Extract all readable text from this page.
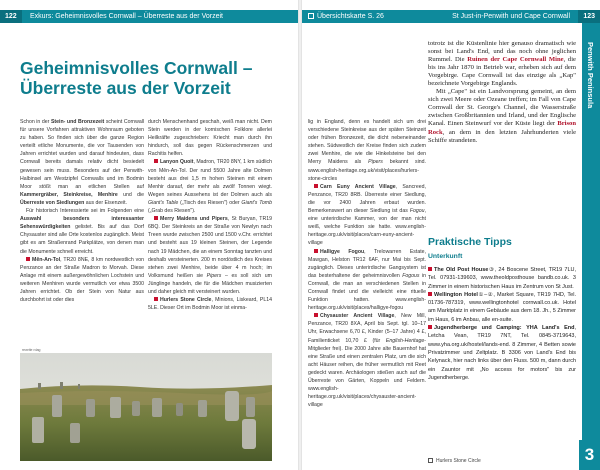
122	Exkurs: Geheimnisvolles Cornwall – Überreste aus der Vorzeit	Übersichtskarte S. 26	St Just-in-Penwith und Cape Cornwall	123
Geheimnisvolles Cornwall –
Überreste aus der Vorzeit

Schon in der Stein- und Bronzezeit scheint Cornwall für unsere Vorfahren attraktiven Wohnraum geboten zu haben. So finden sich über die ganze Region verteilt etliche Monumente, die vor Tausenden von Jahren errichtet wurden und darauf hindeuten, dass Cornwall bereits damals relativ dicht besiedelt gewesen sein muss. Besonders auf der Penwith-Halbinsel am Westzipfel Cornwalls und im Bodmin Moor stößt man an etlichen Stellen auf Kammergräber, Steinkreise, Menhire und die Überreste von Siedlungen aus der Eisenzeit.

Für historisch Interessierte sei im Folgenden eine Auswahl besonders interessanter Sehenswürdigkeiten gelistet. Bis auf das Dorf Chysauster sind alle Orte kostenlos zugänglich. Meist gibt es am Straßenrand Parkplätze, von denen man die Monumente schnell erreicht.

Mên-An-Tol, TR20 8NE, 8 km nordwestlich von Penzance an der Straße Madron to Morvah. Diese Anlage mit einem außergewöhnlichen Lochstein und weiteren Menhiren wurde vermutlich vor etwa 3500 Jahren errichtet. Ob der Stein von Natur aus durchbohrt ist oder dies

durch Menschenhand geschah, weiß man nicht. Dem Stein werden in der kornischen Folklore allerlei Heilkräfte zugeschrieben: Kriecht man durch ihn hindurch, soll das gegen Rückenschmerzen und Rachitis helfen.

Lanyon Quoit, Madron, TR20 8NY, 1 km südlich von Mên-An-Tol. Der rund 5500 Jahre alte Dolmen besteht aus drei 1,5 m hohen Steinen mit einem Menhir darauf, der mehr als zwölf Tonnen wiegt. Wegen seines Aussehens ist der Dolmen auch als Giant's Table („Tisch des Riesen") oder Giant's Tomb („Grab des Riesen").

Merry Maidens und Pipers, St Buryan, TR19 6BQ. Der Steinkreis an der Straße von Newlyn nach Treen wurde zwischen 2500 und 1500 v.Chr. errichtet und besteht aus 19 kleinen Steinen, der Legende nach 19 Mädchen, die an einem Sonntag tanzten und deshalb versteinerten. 200 m nordöstlich des Kreises stehen zwei Menhire, beide über 4 m hoch; im Volksmund heißen sie Pipers – es soll sich um Jünglinge handeln, die für die Mädchen musizierten und daher gleich mit versteinert wurden.

Hurlers Stone Circle, Minions, Liskeard, PL14 5LE. Dieser Ort im Bodmin Moor ist einma-

rewrite rdag

lig in England, denn es handelt sich um drei verschiedene Steinkreise aus der späten Steinzeit oder frühen Bronzezeit, die dicht nebeneinander stehen. Südwestlich der Kreise finden sich zudem zwei Menhire, die wie die Hinkelsteine bei den Merry Maidens als Pipers bekannt sind. www.english-heritage.org.uk/visit/places/hurlers-stone-circles

Carn Euny Ancient Village, Sancreed, Penzance, TR20 8RB. Überreste einer Siedlung, die vor 2400 Jahren erbaut wurden. Bemerkenswert an dieser Siedlung ist das Fogou, eine unterirdische Kammer, von der man nicht weiß, welche Funktion sie hatte. www.english-heritage.org.uk/visit/places/carn-euny-ancient-village

Halligye Fogou, Trelowarren Estate, Mawgan, Helston TR12 6AF, nur Mai bis Sept. zugänglich. Dieses unterirdische Gangsystem ist das besterhaltene der geheimnisvollen Fogous in Cornwall, die man an verschiedenen Stellen in Cornwall findet und die vielleicht eine rituelle Funktion hatten. www.english-heritage.org.uk/visit/places/halligye-fogou

Chysauster Ancient Village, New Mill, Penzance, TR20 8XA, April bis Sept. tgl. 10–17 Uhr, Erwachsene 6,70 £, Kinder (5–17 Jahre) 4 £, Familienticket 10,70 £ (für English-Heritage-Mitglieder frei). Die 2000 Jahre alte Bauernhof hat eine Straße und einen zentralen Platz, um die sich acht Häuser reihen, die früher vermutlich mit Reet gedeckt waren. Archäologen stießen auch auf die Überreste von Gärten, Koppeln und Feldern. www.english-heritage.org.uk/visit/places/chysauster-ancient-village

totrotz ist die Küstenlinie hier genauso dramatisch wie sonst bei Land's End, und das noch ohne jeglichen Rummel. Die Ruinen der Cape Cornwall Mine, die bis ins Jahr 1870 in Betrieb war, erheben sich auf dem Vorgebirge. Cape Cornwall ist das einzige als „Kap" bezeichnete Vorgebirge Englands.

Mit „Cape" ist ein Landvorsprung gemeint, an dem sich zwei Meere oder Ozeane treffen; im Fall von Cape Cornwall der St. George's Channel, die Wasserstraße zwischen Großbritannien und Irland, und der Englische Kanal. Einen Steinwurf vor der Küste liegt der Brison Rock, an dem in den letzten Jahrhunderten viele Schiffe strandeten.

Praktische Tipps
Unterkunft

The Old Post House③, 24 Boscene Street, TR19 7LU, Tel. 07931-139603, www.theoldposthouse bandb.co.uk. 3 Zimmer in einem historischen Haus im Zentrum von St Just.

Wellington Hotel①–②, Market Square, TR19 7HD, Tel. 01736-787319, www.wellingtonhotel cornwall.co.uk. Hotel am Marktplatz in einem Gebäude aus dem 18. Jh., 5 Zimmer im Haus, 6 im Anbau, alle en-suite.

Jugendherberge und Camping: YHA Land's End, Letcha Vean, TR19 7NT, Tel. 0845-3719643, www.yha.org.uk/hostel/lands-end. 8 Zimmer, 4 Betten sowie Privatzimmer und Zeltplatz. B 3306 von Land's End bis Kelynack, hier nach links über den Fluss. 500 m, dann durch ein Zauntor mit „No access for motors" bis zur Jugendherberge.

Hurlers Stone Circle
Penwith Peninsula
3
